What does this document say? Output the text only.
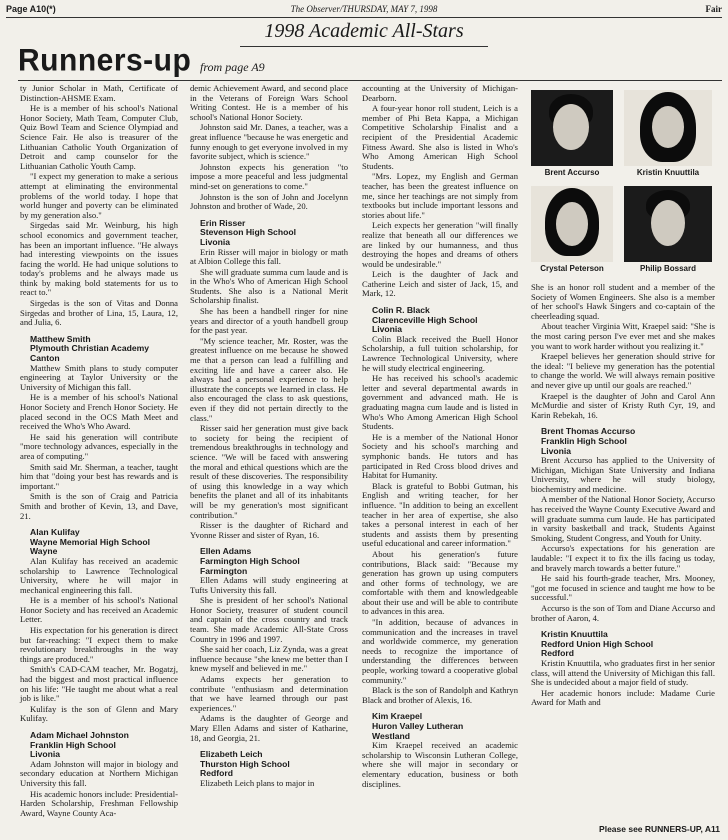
Page A10(*)	The Observer/THURSDAY, MAY 7, 1998	Fair
1998 Academic All-Stars
Runners-up from page A9

ty Junior Scholar in Math, Certificate of Distinction-AHSME Exam.

He is a member of his school's National Honor Society, Math Team, Computer Club, Quiz Bowl Team and Science Olympiad and Science Fair. He also is treasurer of the Lithuanian Catholic Youth Organization of Detroit and camp counselor for the Lithuanian Catholic Youth Camp.

"I expect my generation to make a serious attempt at eliminating the environmental problems of the world today. I hope that world hunger and poverty can be eliminated by my generation also."

Sirgedas said Mr. Weinburg, his high school economics and government teacher, has been an important influence. "He always had interesting viewpoints on the issues facing the world. He had unique solutions to today's problems and he always made us think by making bold statements for us to react to."

Sirgedas is the son of Vitas and Donna Sirgedas and brother of Lina, 15, Laura, 12, and Julia, 6.

Matthew Smith
Plymouth Christian Academy
Canton

Matthew Smith plans to study computer engineering at Taylor University or the University of Michigan this fall.

He is a member of his school's National Honor Society and French Honor Society. He placed second in the OCS Math Meet and received the Who's Who Award.

He said his generation will contribute "more technology advances, especially in the area of computing."

Smith said Mr. Sherman, a teacher, taught him that "doing your best has rewards and is important."

Smith is the son of Craig and Patricia Smith and brother of Kevin, 13, and Dave, 21.

Alan Kulifay
Wayne Memorial High School
Wayne

Alan Kulifay has received an academic scholarship to Lawrence Technological University, where he will major in mechanical engineering this fall.

He is a member of his school's National Honor Society and has received an Academic Letter.

His expectation for his generation is direct but far-reaching: "I expect them to make revolutionary breakthroughs in the way things are produced."

Smith's CAD-CAM teacher, Mr. Bogatzj, had the biggest and most practical influence on his life: "He taught me about what a real job is like."

Kulifay is the son of Glenn and Mary Kulifay.

Adam Michael Johnston
Franklin High School
Livonia

Adam Johnston will major in biology and secondary education at Northern Michigan University this fall.

His academic honors include: Presidential-Harden Scholarship, Freshman Fellowship Award, Wayne County Aca-

demic Achievement Award, and second place in the Veterans of Foreign Wars School Writing Contest. He is a member of his school's National Honor Society.

Johnston said Mr. Danes, a teacher, was a great influence "because he was energetic and funny enough to get everyone involved in my favorite subject, which is science."

Johnston expects his generation "to impose a more peaceful and less judgmental mind-set on generations to come."

Johnston is the son of John and Jocelynn Johnston and brother of Wade, 20.

Erin Risser
Stevenson High School
Livonia

Erin Risser will major in biology or math at Albion College this fall.

She will graduate summa cum laude and is in the Who's Who of American High School Students. She also is a National Merit Scholarship finalist.

She has been a handbell ringer for nine years and director of a youth handbell group for the past year.

"My science teacher, Mr. Roster, was the greatest influence on me because he showed me that a person can lead a fulfilling and exciting life and have a career also. He always had a personal experience to help illustrate the concepts we learned in class. He also encouraged the class to ask questions, even if they did not pertain directly to the class."

Risser said her generation must give back to society for being the recipient of tremendous breakthroughs in technology and science. "We will be faced with answering the moral and ethical questions which are the result of these discoveries. The responsibility of using this knowledge in a way which benefits the planet and all of its inhabitants will be my generation's most significant contribution."

Risser is the daughter of Richard and Yvonne Risser and sister of Ryan, 16.

Ellen Adams
Farmington High School
Farmington

Ellen Adams will study engineering at Tufts University this fall.

She is president of her school's National Honor Society, treasurer of student council and captain of the cross country and track team. She made Academic All-State Cross Country in 1996 and 1997.

She said her coach, Liz Zynda, was a great influence because "she knew me better than I knew myself and believed in me."

Adams expects her generation to contribute "enthusiasm and determination that we have learned through our past experiences."

Adams is the daughter of George and Mary Ellen Adams and sister of Katharine, 18, and Georgia, 21.

Elizabeth Leich
Thurston High School
Redford

Elizabeth Leich plans to major in

accounting at the University of Michigan-Dearborn.

A four-year honor roll student, Leich is a member of Phi Beta Kappa, a Michigan Competitive Scholarship Finalist and a recipient of the Presidential Academic Fitness Award. She also is listed in Who's Who Among American High School Students.

"Mrs. Lopez, my English and German teacher, has been the greatest influence on me, since her teachings are not simply from textbooks but include important lessons and stories about life."

Leich expects her generation "will finally realize that beneath all our differences we are linked by our humanness, and thus destroying the hopes and dreams of others would be undesirable."

Leich is the daughter of Jack and Catherine Leich and sister of Jack, 15, and Mark, 12.

Colin R. Black
Clarenceville High School
Livonia

Colin Black received the Buell Honor Scholarship, a full tuition scholarship, for Lawrence Technological University, where he will study electrical engineering.

He has received his school's academic letter and several departmental awards in government and advanced math. He is graduating magna cum laude and is listed in Who's Who Among American High School Students.

He is a member of the National Honor Society and his school's marching and symphonic bands. He tutors and has participated in Red Cross blood drives and Habitat for Humanity.

Black is grateful to Bobbi Gutman, his English and writing teacher, for her influence. "In addition to being an excellent teacher in her area of expertise, she also takes a personal interest in each of her students and assists them by presenting useful educational and career information."

About his generation's future contributions, Black said: "Because my generation has grown up using computers and other forms of technology, we are comfortable with them and knowledgeable about their use and will be able to contribute to advances in this area.

"In addition, because of advances in communication and the increases in travel and worldwide commerce, my generation needs to recognize the importance of understanding the differences between people, working toward a cooperative global community."

Black is the son of Randolph and Kathryn Black and brother of Alexis, 16.

Kim Kraepel
Huron Valley Lutheran
Westland

Kim Kraepel received an academic scholarship to Wisconsin Lutheran College, where she will major in secondary or elementary education, business or both disciplines.

Brent Accurso	Kristin Knuuttila
Crystal Peterson	Philip Bossard

She is an honor roll student and a member of the Society of Women Engineers. She also is a member of her school's Hawk Singers and co-captain of the cheerleading squad.

About teacher Virginia Witt, Kraepel said: "She is the most caring person I've ever met and she makes you want to work harder without you realizing it."

Kraepel believes her generation should strive for the ideal: "I believe my generation has the potential to change the world. We will always remain positive and never give up until our goals are reached."

Kraepel is the daughter of John and Carol Ann McMurdie and sister of Kristy Ruth Cyr, 19, and Karin Rebekah, 16.

Brent Thomas Accurso
Franklin High School
Livonia

Brent Accurso has applied to the University of Michigan, Michigan State University and Indiana University, where he will study biology, biochemistry and medicine.

A member of the National Honor Society, Accurso has received the Wayne County Executive Award and will graduate summa cum laude. He has participated in varsity basketball and track, Students Against Smoking, Student Congress, and Youth for Unity.

Accurso's expectations for his generation are laudable: "I expect it to fix the ills facing us today, and bravely march towards a better future."

He said his fourth-grade teacher, Mrs. Mooney, "got me focused in science and taught me how to be successful."

Accurso is the son of Tom and Diane Accurso and brother of Aaron, 4.

Kristin Knuuttila
Redford Union High School
Redford

Kristin Knuuttila, who graduates first in her senior class, will attend the University of Michigan this fall. She is undecided about a major field of study.

Her academic honors include: Madame Curie Award for Math and

Please see RUNNERS-UP, A11
